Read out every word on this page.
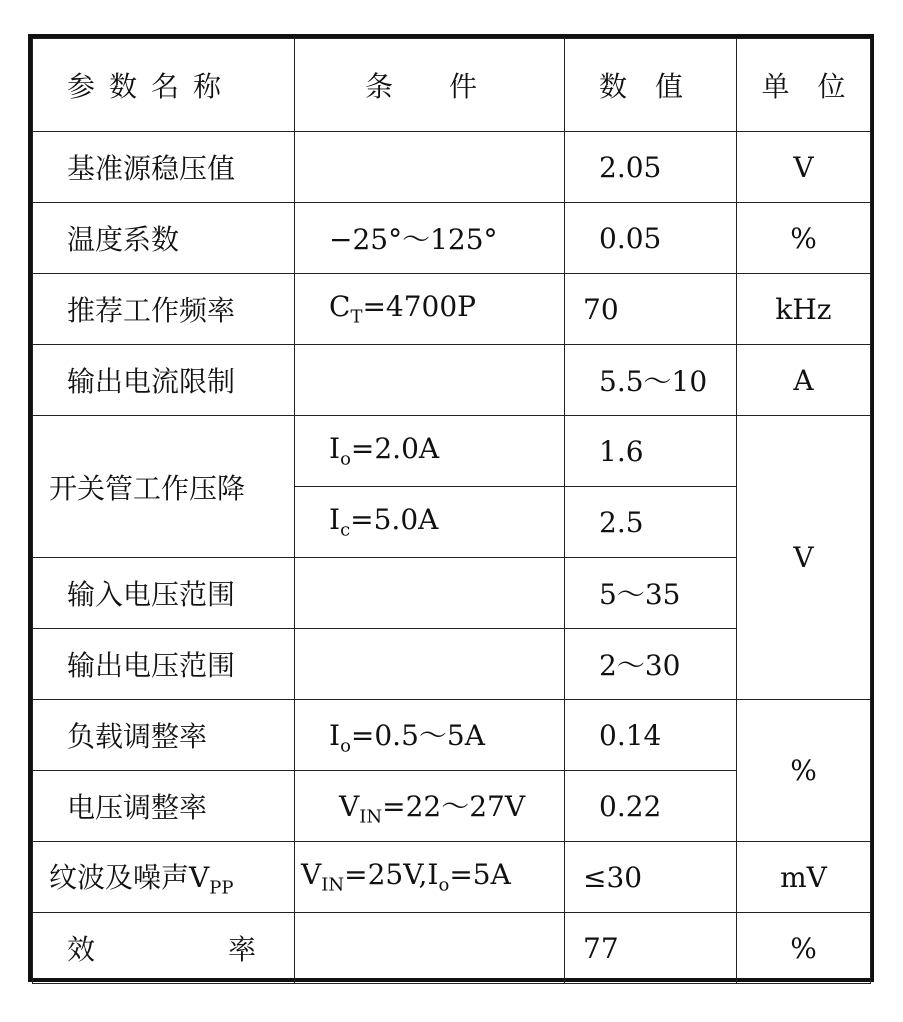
参数名称	条　　件	数　值	单　位
基准源稳压值		2.05	V
温度系数	−25°～125°	0.05	%
推荐工作频率	$C_T=4700P$	70	kHz
输出电流限制		5.5～10	A
开关管工作压降	$I_o=2.0A$	1.6	V
	$I_c=5.0A$	2.5	
输入电压范围		5～35	
输出电压范围		2～30	
负载调整率	$I_o=0.5\sim 5A$	0.14	%
电压调整率	$V_{IN}=22\sim 27V$	0.22	
纹波及噪声$V_{PP}$	$V_{IN}=25V,I_o=5A$	≤30	mV

效 率		77	%
